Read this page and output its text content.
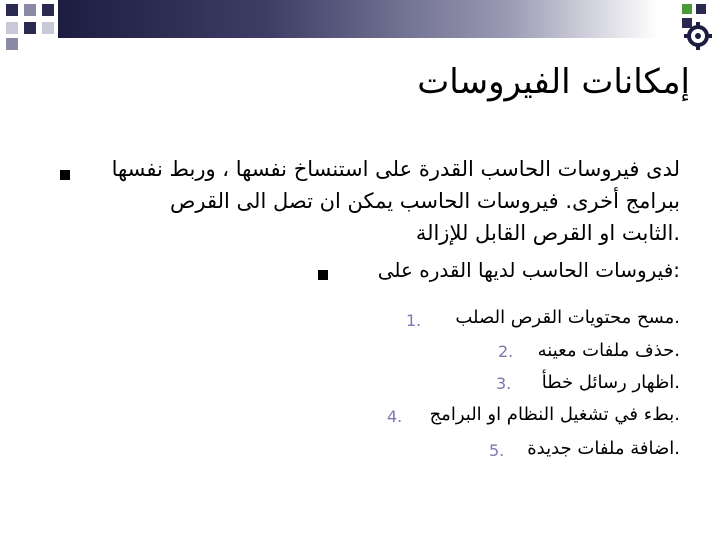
إمكانات الفيروسات
لدى فيروسات الحاسب القدرة على استنساخ نفسها ، وربط نفسها
ببرامج أخرى. فيروسات الحاسب يمكن ان تصل الى القرص
.الثابت او القرص القابل للإزالة
:فيروسات الحاسب لديها القدره على
.مسح محتويات القرص الصلب
1.
.حذف ملفات معينه
2.
.اظهار رسائل خطأ
3.
.بطء في تشغيل النظام او البرامج
4.
.اضافة ملفات جديدة
5.
